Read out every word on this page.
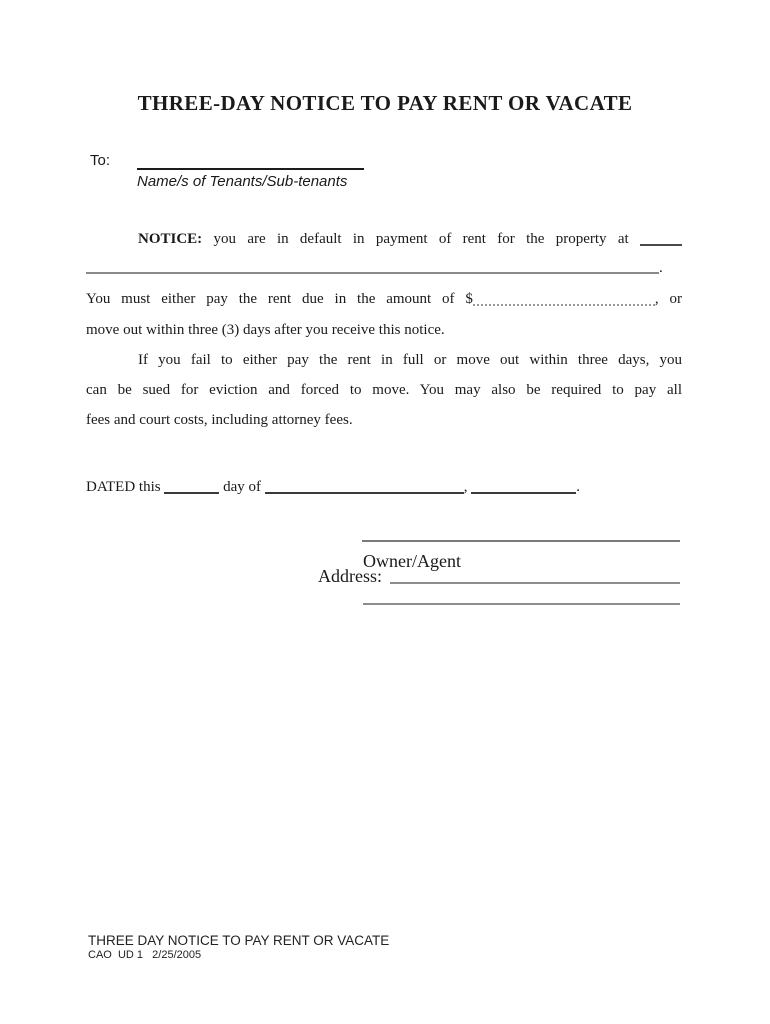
THREE-DAY NOTICE TO PAY RENT OR VACATE
To:
Name/s of Tenants/Sub-tenants
NOTICE: you are in default in payment of rent for the property at
.
You must either pay the rent due in the amount of $	, or
move out within three (3) days after you receive this notice.
If you fail to either pay the rent in full or move out within three days, you
can be sued for eviction and forced to move. You may also be required to pay all
fees and court costs, including attorney fees.
DATED this	day of	,	.
Owner/Agent
Address:
THREE DAY NOTICE TO PAY RENT OR VACATE
CAO  UD 1   2/25/2005
